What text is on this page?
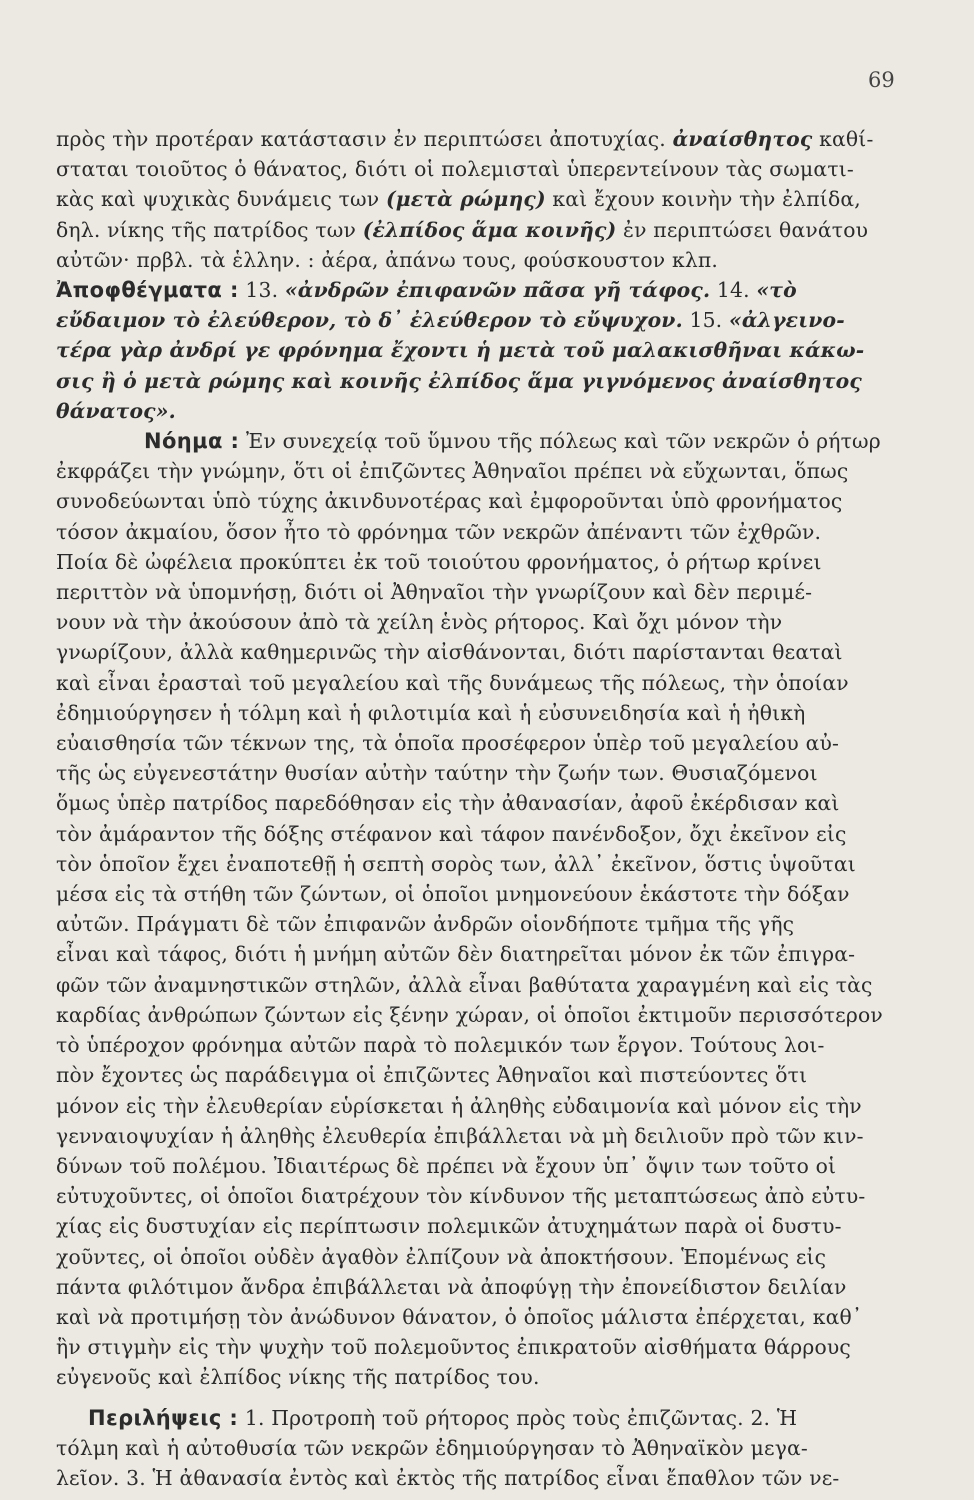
69

πρὸς τὴν προτέραν κατάστασιν ἐν περιπτώσει ἀποτυχίας. ἀναίσθητος καθί-
σταται τοιοῦτος ὁ θάνατος, διότι οἱ πολεμισταὶ ὑπερεντείνουν τὰς σωματι-
κὰς καὶ ψυχικὰς δυνάμεις των (μετὰ ρώμης) καὶ ἔχουν κοινὴν τὴν ἐλπίδα,
δηλ. νίκης τῆς πατρίδος των (ἐλπίδος ἅμα κοινῆς) ἐν περιπτώσει θανάτου
αὐτῶν· πρβλ. τὰ ἑλλην. : ἀέρα, ἀπάνω τους, φούσκουστον κλπ.

Ἀποφθέγματα : 13. «ἀνδρῶν ἐπιφανῶν πᾶσα γῆ τάφος. 14. «τὸ
εὔδαιμον τὸ ἐλεύθερον, τὸ δ᾽ ἐλεύθερον τὸ εὔψυχον. 15. «ἀλγεινο-
τέρα γὰρ ἀνδρί γε φρόνημα ἔχοντι ἡ μετὰ τοῦ μαλακισθῆναι κάκω-
σις ἢ ὁ μετὰ ρώμης καὶ κοινῆς ἐλπίδος ἅμα γιγνόμενος ἀναίσθητος
θάνατος».

Νόημα : Ἐν συνεχείᾳ τοῦ ὕμνου τῆς πόλεως καὶ τῶν νεκρῶν ὁ ρήτωρ
ἐκφράζει τὴν γνώμην, ὅτι οἱ ἐπιζῶντες Ἀθηναῖοι πρέπει νὰ εὔχωνται, ὅπως
συνοδεύωνται ὑπὸ τύχης ἀκινδυνοτέρας καὶ ἐμφοροῦνται ὑπὸ φρονήματος
τόσον ἀκμαίου, ὅσον ἦτο τὸ φρόνημα τῶν νεκρῶν ἀπέναντι τῶν ἐχθρῶν.
Ποία δὲ ὠφέλεια προκύπτει ἐκ τοῦ τοιούτου φρονήματος, ὁ ρήτωρ κρίνει
περιττὸν νὰ ὑπομνήσῃ, διότι οἱ Ἀθηναῖοι τὴν γνωρίζουν καὶ δὲν περιμέ-
νουν νὰ τὴν ἀκούσουν ἀπὸ τὰ χείλη ἑνὸς ρήτορος. Καὶ ὄχι μόνον τὴν
γνωρίζουν, ἀλλὰ καθημερινῶς τὴν αἰσθάνονται, διότι παρίστανται θεαταὶ
καὶ εἶναι ἐρασταὶ τοῦ μεγαλείου καὶ τῆς δυνάμεως τῆς πόλεως, τὴν ὁποίαν
ἐδημιούργησεν ἡ τόλμη καὶ ἡ φιλοτιμία καὶ ἡ εὐσυνειδησία καὶ ἡ ἠθικὴ
εὐαισθησία τῶν τέκνων της, τὰ ὁποῖα προσέφερον ὑπὲρ τοῦ μεγαλείου αὐ-
τῆς ὡς εὐγενεστάτην θυσίαν αὐτὴν ταύτην τὴν ζωήν των. Θυσιαζόμενοι
ὅμως ὑπὲρ πατρίδος παρεδόθησαν εἰς τὴν ἀθανασίαν, ἀφοῦ ἐκέρδισαν καὶ
τὸν ἀμάραντον τῆς δόξης στέφανον καὶ τάφον πανένδοξον, ὄχι ἐκεῖνον εἰς
τὸν ὁποῖον ἔχει ἐναποτεθῇ ἡ σεπτὴ σορὸς των, ἀλλ᾽ ἐκεῖνον, ὅστις ὑψοῦται
μέσα εἰς τὰ στήθη τῶν ζώντων, οἱ ὁποῖοι μνημονεύουν ἑκάστοτε τὴν δόξαν
αὐτῶν. Πράγματι δὲ τῶν ἐπιφανῶν ἀνδρῶν οἱονδήποτε τμῆμα τῆς γῆς
εἶναι καὶ τάφος, διότι ἡ μνήμη αὐτῶν δὲν διατηρεῖται μόνον ἐκ τῶν ἐπιγρα-
φῶν τῶν ἀναμνηστικῶν στηλῶν, ἀλλὰ εἶναι βαθύτατα χαραγμένη καὶ εἰς τὰς
καρδίας ἀνθρώπων ζώντων εἰς ξένην χώραν, οἱ ὁποῖοι ἐκτιμοῦν περισσότερον
τὸ ὑπέροχον φρόνημα αὐτῶν παρὰ τὸ πολεμικόν των ἔργον. Τούτους λοι-
πὸν ἔχοντες ὡς παράδειγμα οἱ ἐπιζῶντες Ἀθηναῖοι καὶ πιστεύοντες ὅτι
μόνον εἰς τὴν ἐλευθερίαν εὑρίσκεται ἡ ἀληθὴς εὐδαιμονία καὶ μόνον εἰς τὴν
γενναιοψυχίαν ἡ ἀληθὴς ἐλευθερία ἐπιβάλλεται νὰ μὴ δειλιοῦν πρὸ τῶν κιν-
δύνων τοῦ πολέμου. Ἰδιαιτέρως δὲ πρέπει νὰ ἔχουν ὑπ᾽ ὄψιν των τοῦτο οἱ
εὐτυχοῦντες, οἱ ὁποῖοι διατρέχουν τὸν κίνδυνον τῆς μεταπτώσεως ἀπὸ εὐτυ-
χίας εἰς δυστυχίαν εἰς περίπτωσιν πολεμικῶν ἀτυχημάτων παρὰ οἱ δυστυ-
χοῦντες, οἱ ὁποῖοι οὐδὲν ἀγαθὸν ἐλπίζουν νὰ ἀποκτήσουν. Ἑπομένως εἰς
πάντα φιλότιμον ἄνδρα ἐπιβάλλεται νὰ ἀποφύγῃ τὴν ἐπονείδιστον δειλίαν
καὶ νὰ προτιμήσῃ τὸν ἀνώδυνον θάνατον, ὁ ὁποῖος μάλιστα ἐπέρχεται, καθ᾽
ἣν στιγμὴν εἰς τὴν ψυχὴν τοῦ πολεμοῦντος ἐπικρατοῦν αἰσθήματα θάρρους
εὐγενοῦς καὶ ἐλπίδος νίκης τῆς πατρίδος του.

Περιλήψεις : 1. Προτροπὴ τοῦ ρήτορος πρὸς τοὺς ἐπιζῶντας. 2. Ἡ
τόλμη καὶ ἡ αὐτοθυσία τῶν νεκρῶν ἐδημιούργησαν τὸ Ἀθηναϊκὸν μεγα-
λεῖον. 3. Ἡ ἀθανασία ἐντὸς καὶ ἐκτὸς τῆς πατρίδος εἶναι ἔπαθλον τῶν νε-
